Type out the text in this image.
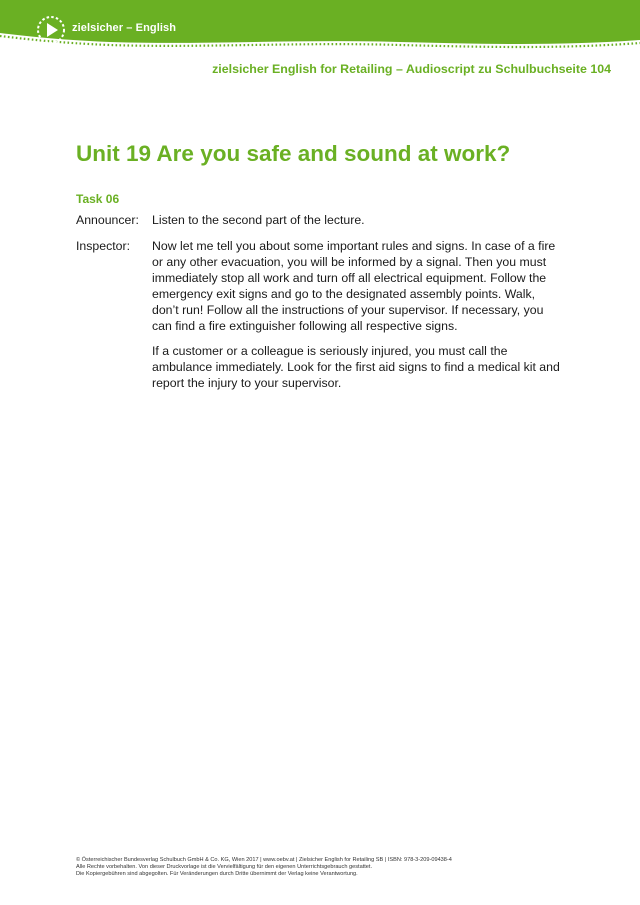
zielsicher – English
zielsicher English for Retailing – Audioscript zu Schulbuchseite 104
Unit 19 Are you safe and sound at work?
Task 06
Announcer: Listen to the second part of the lecture.
Inspector: Now let me tell you about some important rules and signs. In case of a fire or any other evacuation, you will be informed by a signal. Then you must immediately stop all work and turn off all electrical equipment. Follow the emergency exit signs and go to the designated assembly points. Walk, don’t run! Follow all the instructions of your supervisor. If necessary, you can find a fire extinguisher following all respective signs.
If a customer or a colleague is seriously injured, you must call the ambulance immediately. Look for the first aid signs to find a medical kit and report the injury to your supervisor.
© Österreichischer Bundesverlag Schulbuch GmbH & Co. KG, Wien 2017 | www.oebv.at | Zielsicher English for Retailing SB | ISBN: 978-3-209-09438-4
Alle Rechte vorbehalten. Von dieser Druckvorlage ist die Vervielfältigung für den eigenen Unterrichtsgebrauch gestattet.
Die Kopiergebühren sind abgegolten. Für Veränderungen durch Dritte übernimmt der Verlag keine Verantwortung.
